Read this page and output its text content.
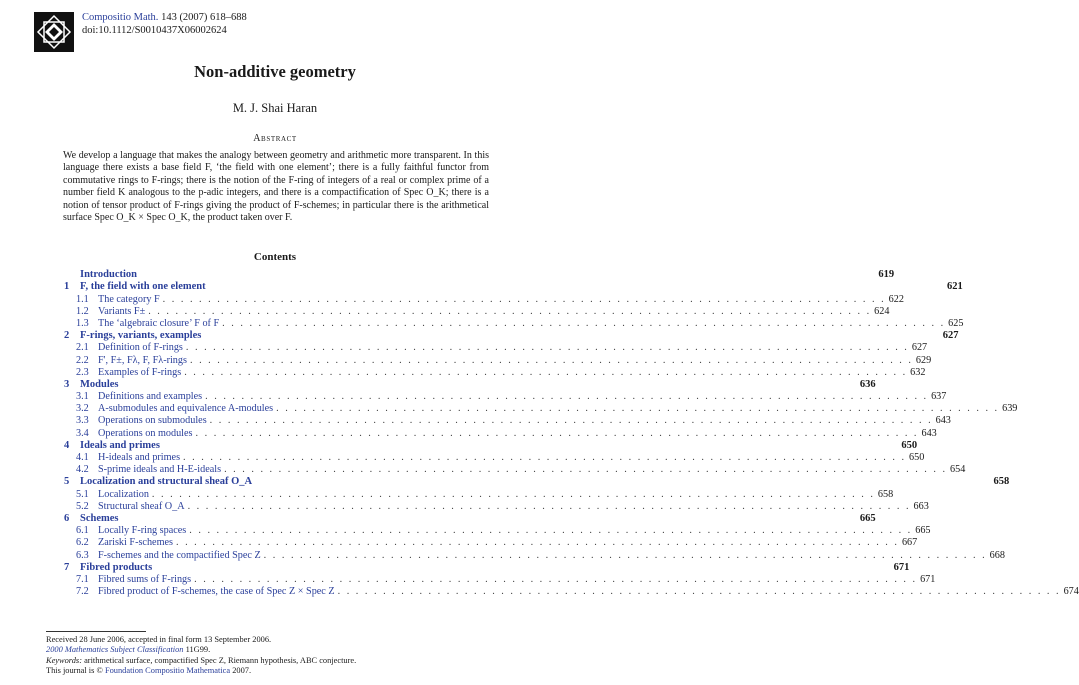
Compositio Math. 143 (2007) 618–688
doi:10.1112/S0010437X06002624
Non-additive geometry
M. J. Shai Haran
Abstract

We develop a language that makes the analogy between geometry and arithmetic more transparent. In this language there exists a base field F, ‘the field with one element’; there is a fully faithful functor from commutative rings to F-rings; there is the notion of the F-ring of integers of a real or complex prime of a number field K analogous to the p-adic integers, and there is a compactification of Spec O_K; there is a notion of tensor product of F-rings giving the product of F-schemes; in particular there is the arithmetical surface Spec O_K × Spec O_K, the product taken over F.

Contents
Introduction	619
1	F, the field with one element	621
1.1 The category F . . . . . . . . . . . . . . . . . . . . . . . . . . . . . . . . . . . . . . . . . . . . . . . . . . . . . . . . . . . . . . . . . . . . . . . . . . . . . . . . 622
1.2 Variants F± . . . . . . . . . . . . . . . . . . . . . . . . . . . . . . . . . . . . . . . . . . . . . . . . . . . . . . . . . . . . . . . . . . . . . . . . . . . . . . . . 624
1.3 The ‘algebraic closure’ F of F . . . . . . . . . . . . . . . . . . . . . . . . . . . . . . . . . . . . . . . . . . . . . . . . . . . . . . . . . . . . . . . . . . . . . . . . . . . . . . . . 625
2	F-rings, variants, examples	627
2.1 Definition of F-rings . . . . . . . . . . . . . . . . . . . . . . . . . . . . . . . . . . . . . . . . . . . . . . . . . . . . . . . . . . . . . . . . . . . . . . . . . . . . . . . . 627
2.2 F', F±, Fλ, F, Fλ-rings . . . . . . . . . . . . . . . . . . . . . . . . . . . . . . . . . . . . . . . . . . . . . . . . . . . . . . . . . . . . . . . . . . . . . . . . . . . . . . . . 629
2.3 Examples of F-rings . . . . . . . . . . . . . . . . . . . . . . . . . . . . . . . . . . . . . . . . . . . . . . . . . . . . . . . . . . . . . . . . . . . . . . . . . . . . . . . . 632
3	Modules	636
3.1 Definitions and examples . . . . . . . . . . . . . . . . . . . . . . . . . . . . . . . . . . . . . . . . . . . . . . . . . . . . . . . . . . . . . . . . . . . . . . . . . . . . . . . . 637
3.2 A-submodules and equivalence A-modules . . . . . . . . . . . . . . . . . . . . . . . . . . . . . . . . . . . . . . . . . . . . . . . . . . . . . . . . . . . . . . . . . . . . . . . . . . . . . . . . 639
3.3 Operations on submodules . . . . . . . . . . . . . . . . . . . . . . . . . . . . . . . . . . . . . . . . . . . . . . . . . . . . . . . . . . . . . . . . . . . . . . . . . . . . . . . . 643
3.4 Operations on modules . . . . . . . . . . . . . . . . . . . . . . . . . . . . . . . . . . . . . . . . . . . . . . . . . . . . . . . . . . . . . . . . . . . . . . . . . . . . . . . . 643
4	Ideals and primes	650
4.1 H-ideals and primes . . . . . . . . . . . . . . . . . . . . . . . . . . . . . . . . . . . . . . . . . . . . . . . . . . . . . . . . . . . . . . . . . . . . . . . . . . . . . . . . 650
4.2 S-prime ideals and H-E-ideals . . . . . . . . . . . . . . . . . . . . . . . . . . . . . . . . . . . . . . . . . . . . . . . . . . . . . . . . . . . . . . . . . . . . . . . . . . . . . . . . 654
5	Localization and structural sheaf O_A	658
5.1 Localization . . . . . . . . . . . . . . . . . . . . . . . . . . . . . . . . . . . . . . . . . . . . . . . . . . . . . . . . . . . . . . . . . . . . . . . . . . . . . . . . 658
5.2 Structural sheaf O_A . . . . . . . . . . . . . . . . . . . . . . . . . . . . . . . . . . . . . . . . . . . . . . . . . . . . . . . . . . . . . . . . . . . . . . . . . . . . . . . . 663
6	Schemes	665
6.1 Locally F-ring spaces . . . . . . . . . . . . . . . . . . . . . . . . . . . . . . . . . . . . . . . . . . . . . . . . . . . . . . . . . . . . . . . . . . . . . . . . . . . . . . . . 665
6.2 Zariski F-schemes . . . . . . . . . . . . . . . . . . . . . . . . . . . . . . . . . . . . . . . . . . . . . . . . . . . . . . . . . . . . . . . . . . . . . . . . . . . . . . . . 667
6.3 F-schemes and the compactified Spec Z . . . . . . . . . . . . . . . . . . . . . . . . . . . . . . . . . . . . . . . . . . . . . . . . . . . . . . . . . . . . . . . . . . . . . . . . . . . . . . . . 668
7	Fibred products	671
7.1 Fibred sums of F-rings . . . . . . . . . . . . . . . . . . . . . . . . . . . . . . . . . . . . . . . . . . . . . . . . . . . . . . . . . . . . . . . . . . . . . . . . . . . . . . . . 671
7.2 Fibred product of F-schemes, the case of Spec Z × Spec Z . . . . . . . . . . . . . . . . . . . . . . . . . . . . . . . . . . . . . . . . . . . . . . . . . . . . . . . . . . . . . . . . . . . . . . . . . . . . . . . . 674
Received 28 June 2006, accepted in final form 13 September 2006.
2000 Mathematics Subject Classification 11G99.
Keywords: arithmetical surface, compactified Spec Z, Riemann hypothesis, ABC conjecture.
This journal is © Foundation Compositio Mathematica 2007.
